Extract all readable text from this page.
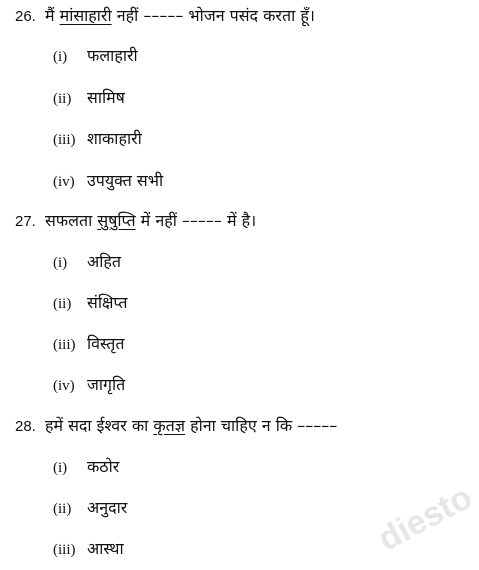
26. मैं मांसाहारी नहीं ––––– भोजन पसंद करता हूँ।
(i) फलाहारी
(ii) सामिष
(iii) शाकाहारी
(iv) उपयुक्त सभी
27. सफलता सुषुप्ति में नहीं ––––– में है।
(i) अहित
(ii) संक्षिप्त
(iii) विस्तृत
(iv) जागृति
28. हमें सदा ईश्वर का कृतज्ञ होना चाहिए न कि –––––
(i) कठोर
(ii) अनुदार
(iii) आस्था	diesto
